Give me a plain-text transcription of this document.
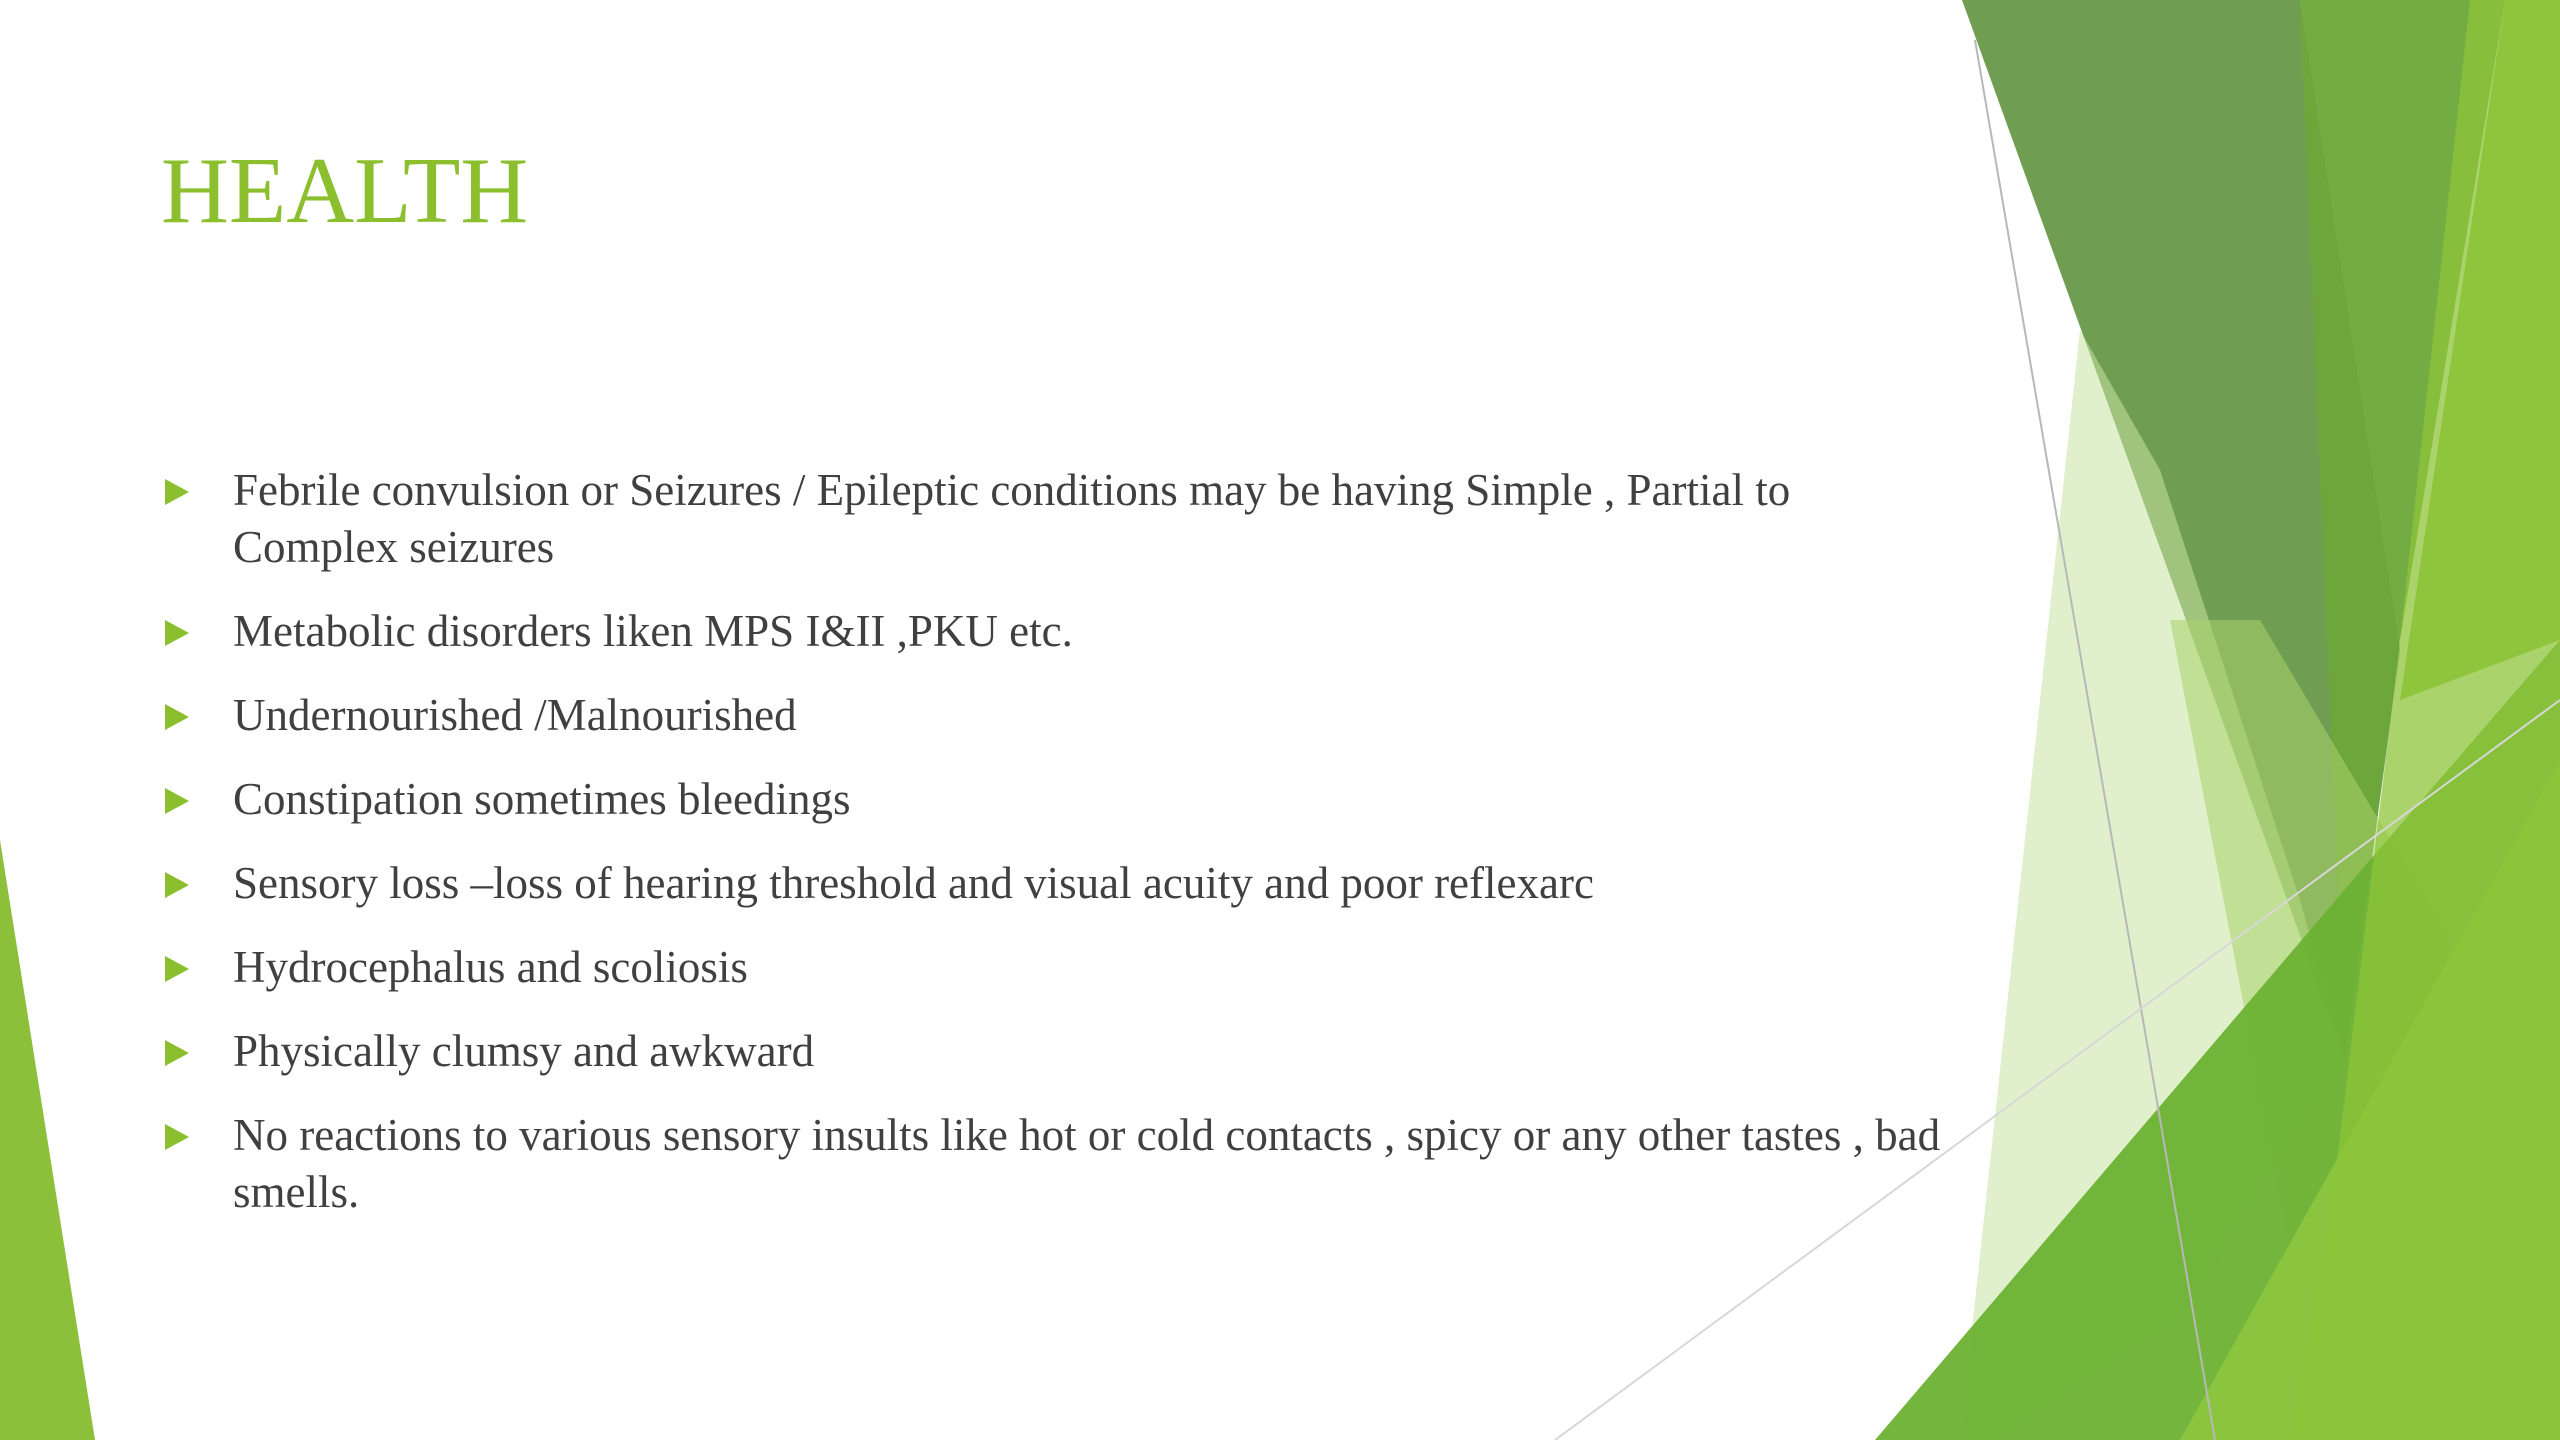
HEALTH
Febrile convulsion or Seizures / Epileptic conditions may be having Simple , Partial to Complex seizures
Metabolic disorders liken MPS I&II ,PKU etc.
Undernourished /Malnourished
Constipation sometimes bleedings
Sensory loss –loss of hearing threshold and visual acuity and poor reflexarc
Hydrocephalus and scoliosis
Physically clumsy and awkward
No reactions to various sensory insults like hot or cold contacts , spicy or any other tastes , bad smells.
